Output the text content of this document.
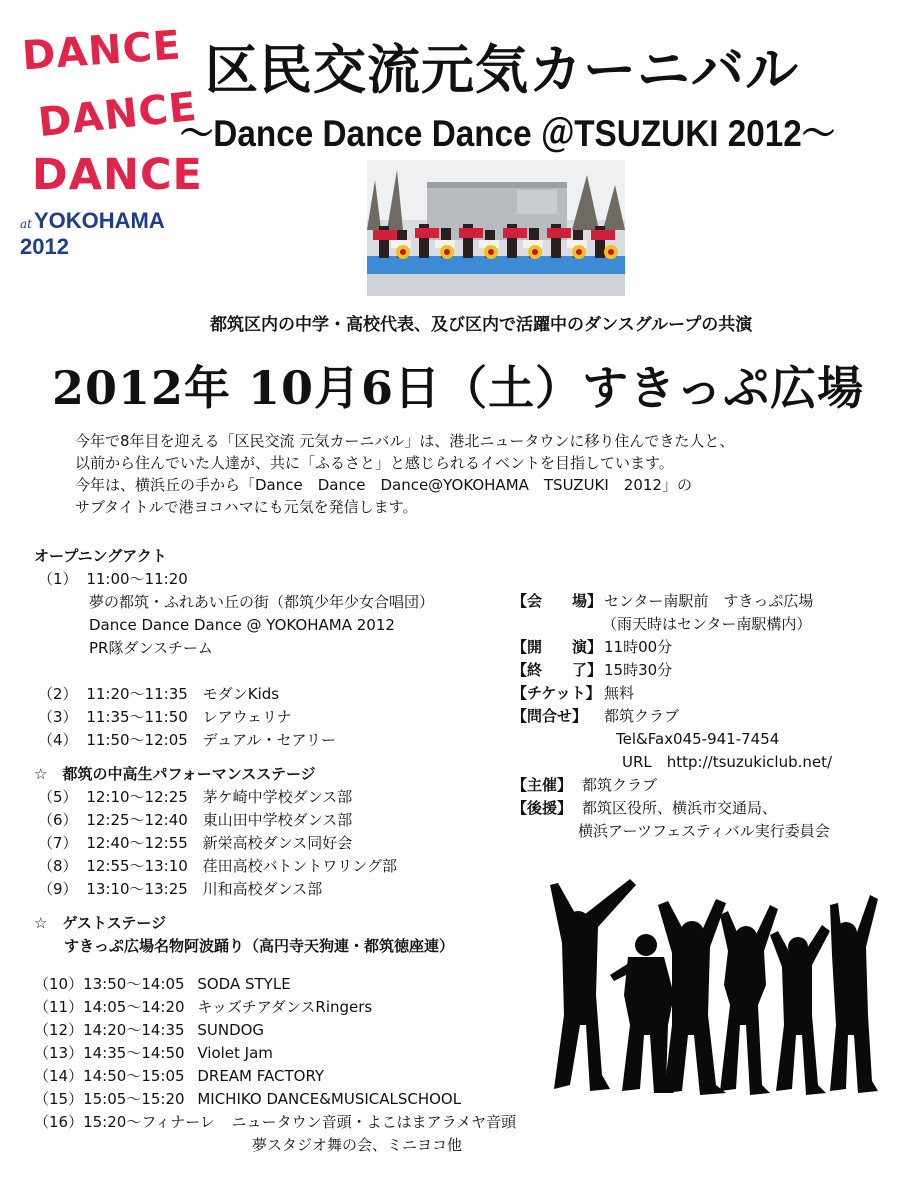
DANCE
DANCE
DANCE
atYOKOHAMA 2012
区民交流元気カーニバル
～Dance Dance Dance ＠TSUZUKI 2012～
都筑区内の中学・高校代表、及び区内で活躍中のダンスグループの共演
2012年 10月6日（土）すきっぷ広場
今年で8年目を迎える「区民交流 元気カーニバル」は、港北ニュータウンに移り住んできた人と、
以前から住んでいた人達が、共に「ふるさと」と感じられるイベントを目指しています。
今年は、横浜丘の手から「Dance　Dance　Dance@YOKOHAMA　TSUZUKI　2012」の
サブタイトルで港ヨコハマにも元気を発信します。
オープニングアクト
（1） 11:00～11:20
夢の都筑・ふれあい丘の街（都筑少年少女合唱団）
Dance Dance Dance @ YOKOHAMA 2012
PR隊ダンスチーム
（2） 11:20～11:35 モダンKids
（3） 11:35～11:50 レアウェリナ
（4） 11:50～12:05 デュアル・セアリー
☆　都筑の中高生パフォーマンスステージ
（5） 12:10～12:25 茅ケ崎中学校ダンス部
（6） 12:25～12:40 東山田中学校ダンス部
（7） 12:40～12:55 新栄高校ダンス同好会
（8） 12:55～13:10 荏田高校バトントワリング部
（9） 13:10～13:25 川和高校ダンス部
☆　ゲストステージ
すきっぷ広場名物阿波踊り（高円寺天狗連・都筑徳座連）
（10）13:50～14:05 SODA STYLE
（11）14:05～14:20 キッズチアダンスRingers
（12）14:20～14:35 SUNDOG
（13）14:35～14:50 Violet Jam
（14）14:50～15:05 DREAM FACTORY
（15）15:05～15:20 MICHIKO DANCE&MUSICALSCHOOL
（16）15:20～フィナーレ ニュータウン音頭・よこはまアラメヤ音頭
夢スタジオ舞の会、ミニヨコ他
【会　　場】 センター南駅前　すきっぷ広場
（雨天時はセンター南駅構内）
【開　　演】 11時00分
【終　　了】 15時30分
【チケット】 無料
【問合せ】 都筑クラブ
Tel&Fax045-941-7454
URL　http://tsuzukiclub.net/
【主催】 都筑クラブ
【後援】 都筑区役所、横浜市交通局、
横浜アーツフェスティバル実行委員会
